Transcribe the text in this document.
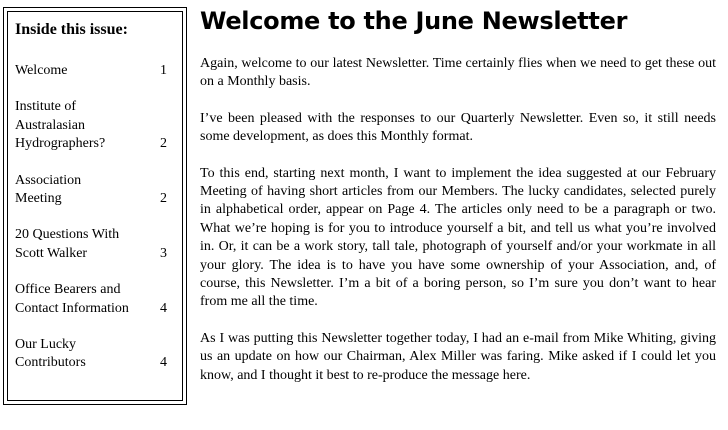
Inside this issue:
Welcome	1
Institute of
Australasian
Hydrographers?	2
Association
Meeting	2
20 Questions With
Scott Walker	3
Office Bearers and
Contact Information	4
Our Lucky
Contributors	4
Welcome to the June Newsletter

Again, welcome to our latest Newsletter. Time certainly flies when we need to get these out on a Monthly basis.

I’ve been pleased with the responses to our Quarterly Newsletter. Even so, it still needs some development, as does this Monthly format.

To this end, starting next month, I want to implement the idea suggested at our February Meeting of having short articles from our Members. The lucky candidates, selected purely in alphabetical order, appear on Page 4. The articles only need to be a paragraph or two. What we’re hoping is for you to introduce yourself a bit, and tell us what you’re involved in. Or, it can be a work story, tall tale, photograph of yourself and/or your workmate in all your glory. The idea is to have you have some ownership of your Association, and, of course, this Newsletter. I’m a bit of a boring person, so I’m sure you don’t want to hear from me all the time.

As I was putting this Newsletter together today, I had an e-mail from Mike Whiting, giving us an update on how our Chairman, Alex Miller was faring. Mike asked if I could let you know, and I thought it best to re-produce the message here.
